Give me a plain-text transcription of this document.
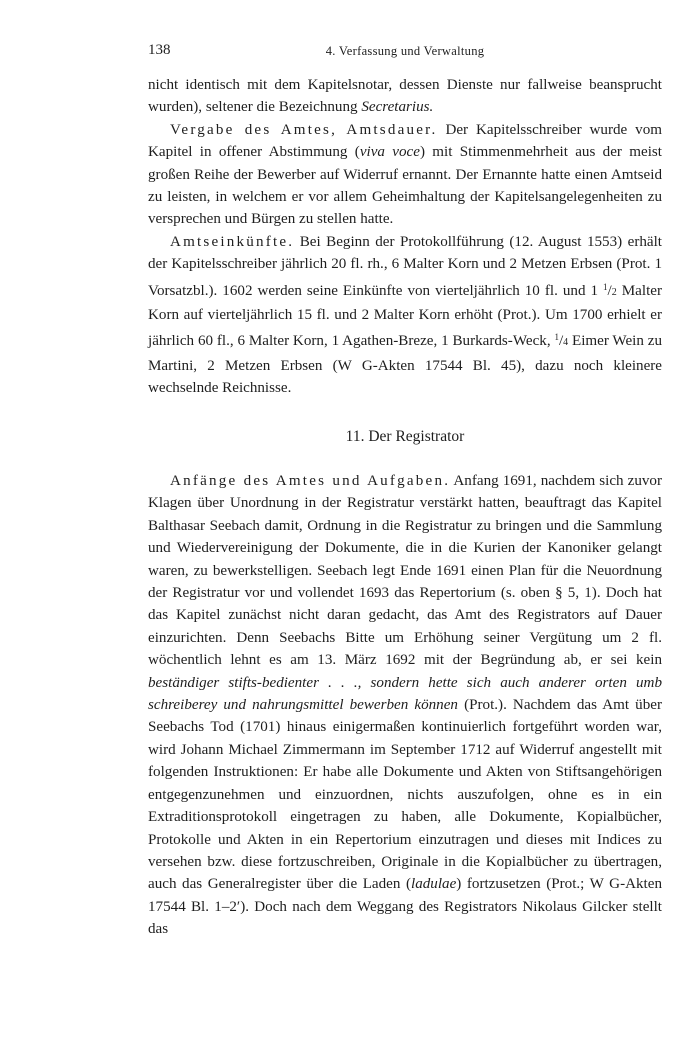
138	4. Verfassung und Verwaltung

nicht identisch mit dem Kapitelsnotar, dessen Dienste nur fallweise beansprucht wurden), seltener die Bezeichnung Secretarius.

Vergabe des Amtes, Amtsdauer. Der Kapitelsschreiber wurde vom Kapitel in offener Abstimmung (viva voce) mit Stimmenmehrheit aus der meist großen Reihe der Bewerber auf Widerruf ernannt. Der Ernannte hatte einen Amtseid zu leisten, in welchem er vor allem Geheimhaltung der Kapitelsangelegenheiten zu versprechen und Bürgen zu stellen hatte.

Amtseinkünfte. Bei Beginn der Protokollführung (12. August 1553) erhält der Kapitelsschreiber jährlich 20 fl. rh., 6 Malter Korn und 2 Metzen Erbsen (Prot. 1 Vorsatzbl.). 1602 werden seine Einkünfte von vierteljährlich 10 fl. und 1 $^1$/2 Malter Korn auf vierteljährlich 15 fl. und 2 Malter Korn erhöht (Prot.). Um 1700 erhielt er jährlich 60 fl., 6 Malter Korn, 1 Agathen-Breze, 1 Burkards-Weck, $^1$/4 Eimer Wein zu Martini, 2 Metzen Erbsen (W G-Akten 17544 Bl. 45), dazu noch kleinere wechselnde Reichnisse.

11. Der Registrator

Anfänge des Amtes und Aufgaben. Anfang 1691, nachdem sich zuvor Klagen über Unordnung in der Registratur verstärkt hatten, beauftragt das Kapitel Balthasar Seebach damit, Ordnung in die Registratur zu bringen und die Sammlung und Wiedervereinigung der Dokumente, die in die Kurien der Kanoniker gelangt waren, zu bewerkstelligen. Seebach legt Ende 1691 einen Plan für die Neuordnung der Registratur vor und vollendet 1693 das Repertorium (s. oben § 5, 1). Doch hat das Kapitel zunächst nicht daran gedacht, das Amt des Registrators auf Dauer einzurichten. Denn Seebachs Bitte um Erhöhung seiner Vergütung um 2 fl. wöchentlich lehnt es am 13. März 1692 mit der Begründung ab, er sei kein beständiger stifts-bedienter . . ., sondern hette sich auch anderer orten umb schreiberey und nahrungsmittel bewerben können (Prot.). Nachdem das Amt über Seebachs Tod (1701) hinaus einigermaßen kontinuierlich fortgeführt worden war, wird Johann Michael Zimmermann im September 1712 auf Widerruf angestellt mit folgenden Instruktionen: Er habe alle Dokumente und Akten von Stiftsangehörigen entgegenzunehmen und einzuordnen, nichts auszufolgen, ohne es in ein Extraditionsprotokoll eingetragen zu haben, alle Dokumente, Kopialbücher, Protokolle und Akten in ein Repertorium einzutragen und dieses mit Indices zu versehen bzw. diese fortzuschreiben, Originale in die Kopialbücher zu übertragen, auch das Generalregister über die Laden (ladulae) fortzusetzen (Prot.; W G-Akten 17544 Bl. 1–2′). Doch nach dem Weggang des Registrators Nikolaus Gilcker stellt das
